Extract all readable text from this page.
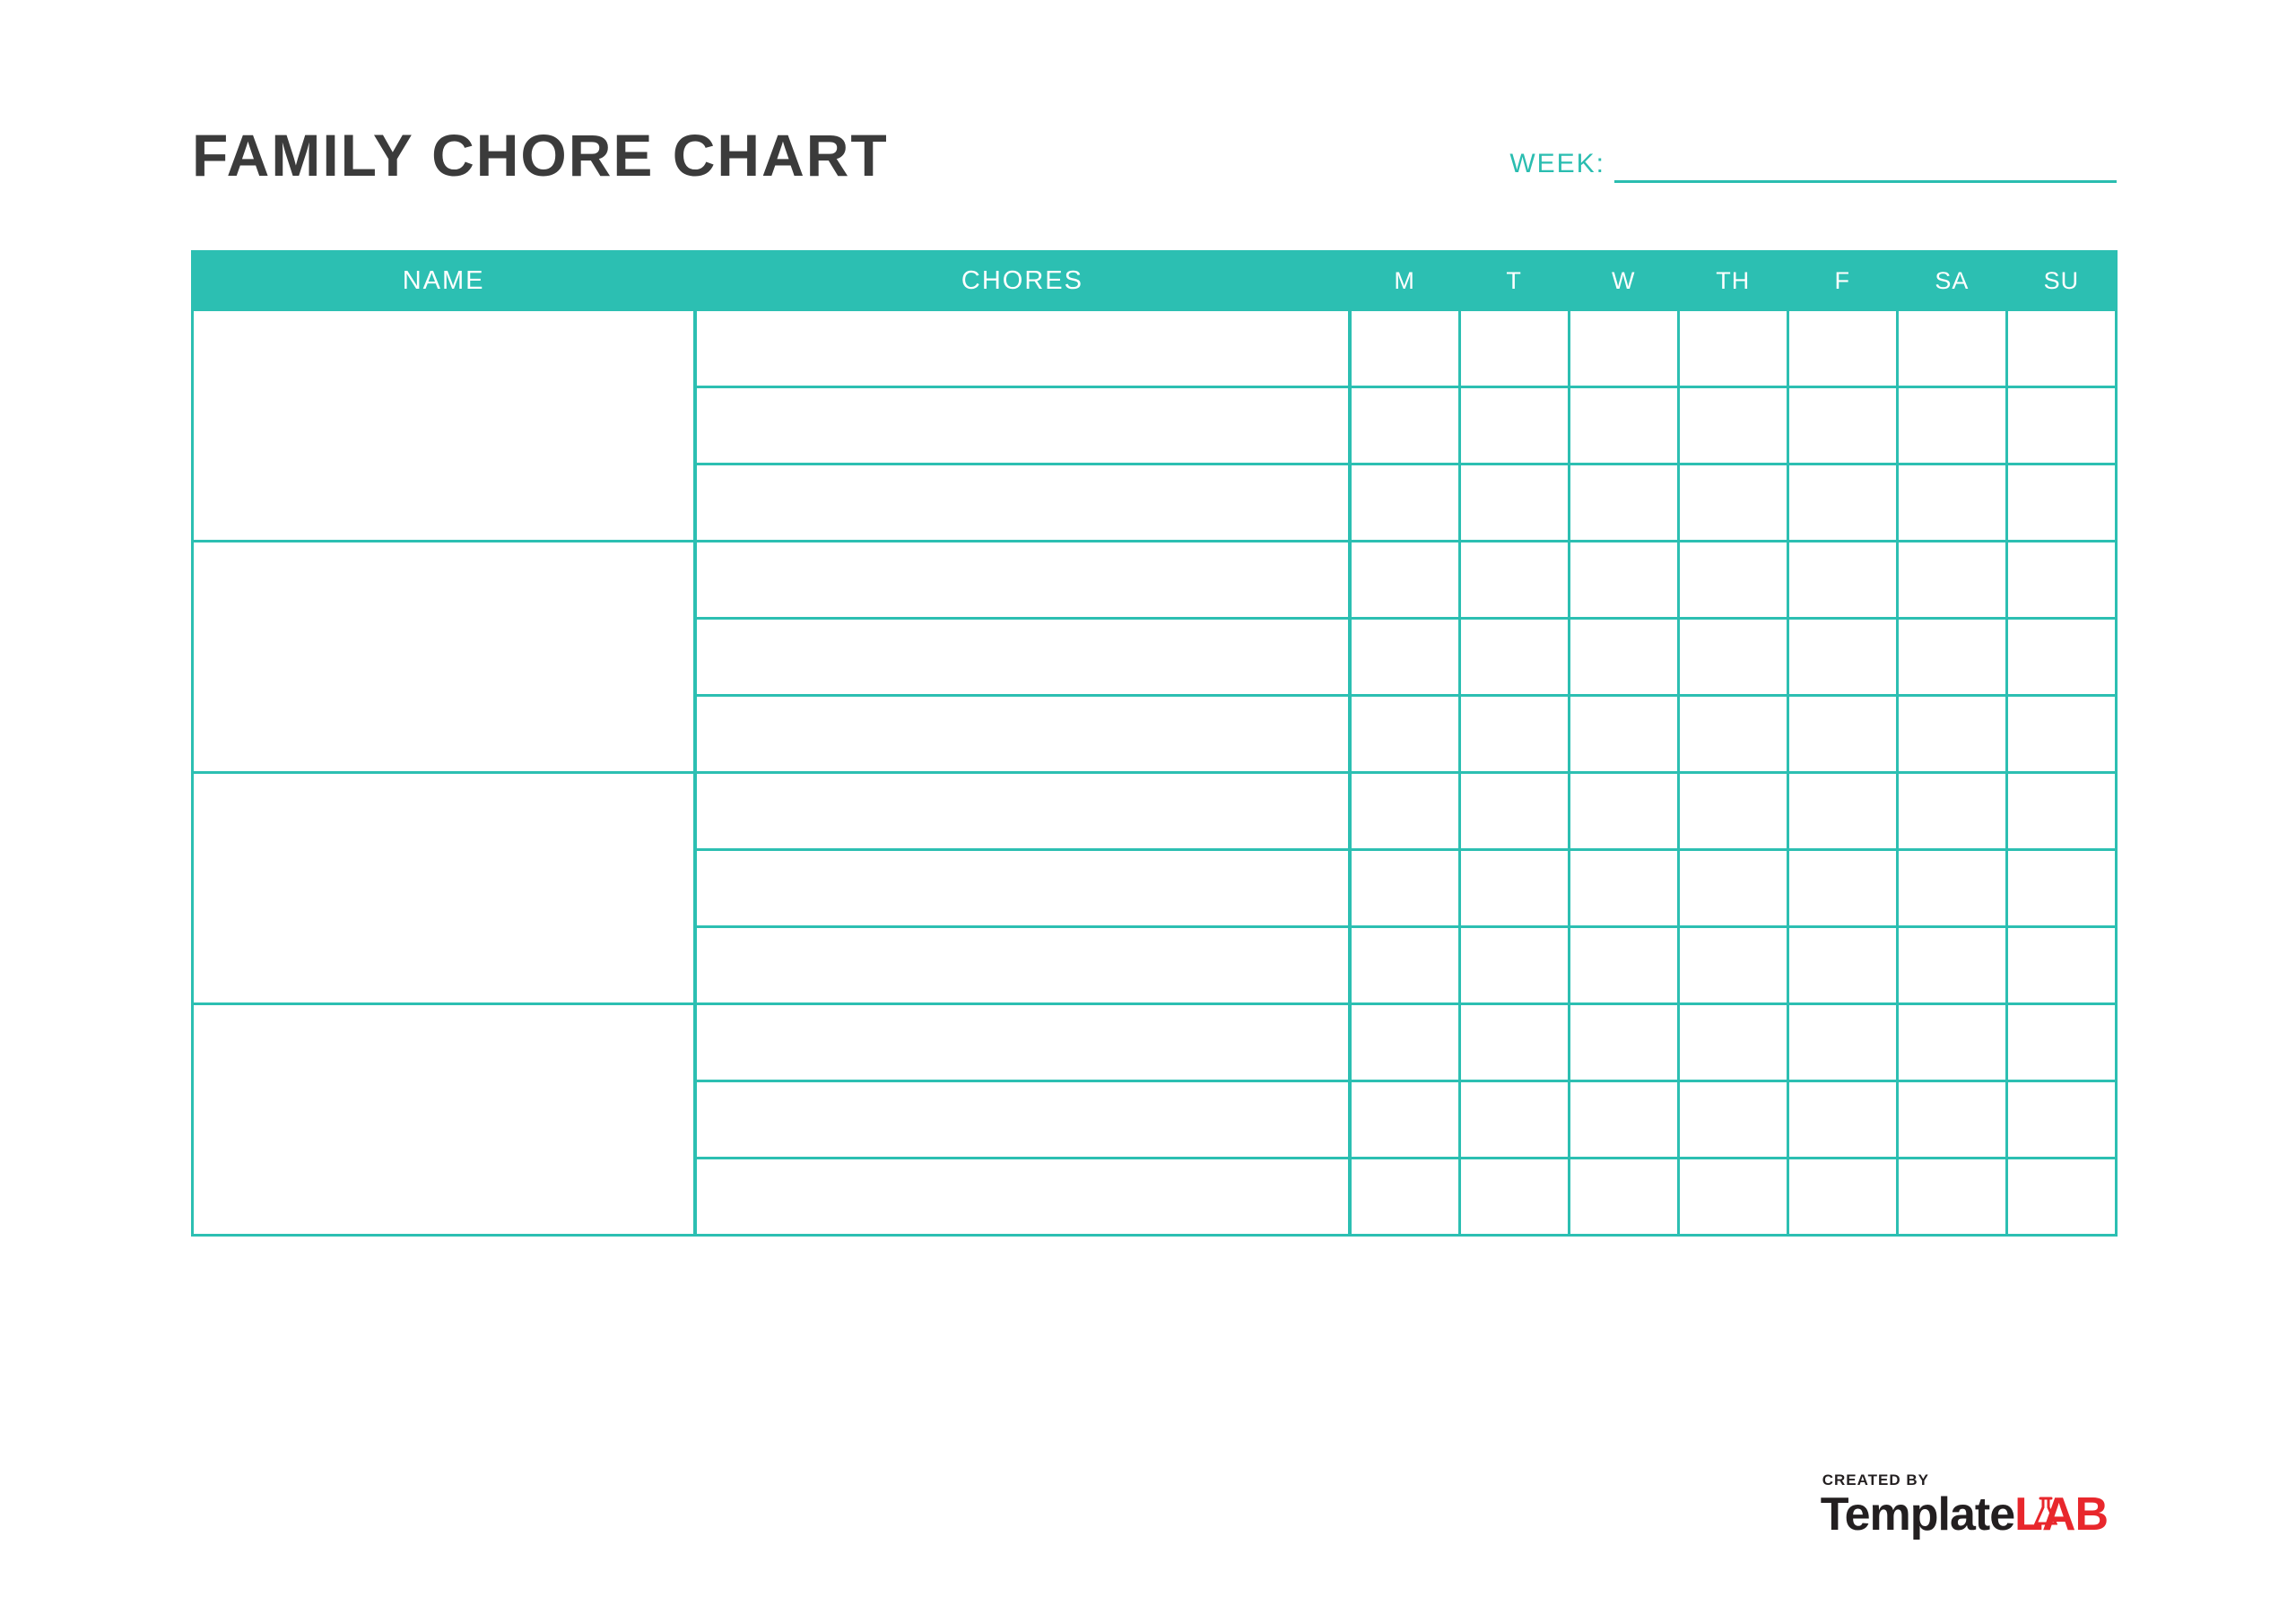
FAMILY CHORE CHART	WEEK:
NAME	CHORES	M	T	W	TH	F	SA	SU

CREATED BY
TemplateLAB
